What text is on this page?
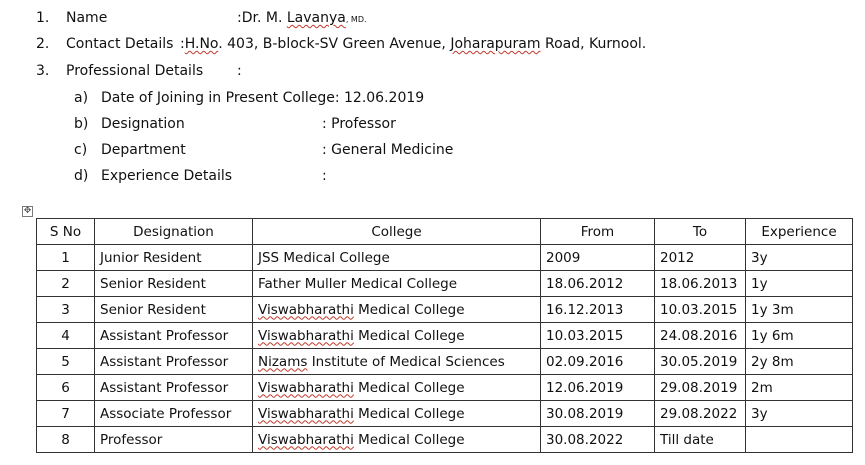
1. Name	:Dr. M. Lavanya, MD.
2. Contact Details :H.No. 403, B-block-SV Green Avenue, Joharapuram Road, Kurnool.
3. Professional Details :
a) Date of Joining in Present College: 12.06.2019
b) Designation	: Professor
c) Department	: General Medicine
d) Experience Details	:
✥
S No	Designation	College	From	To	Experience
1	Junior Resident	JSS Medical College	2009	2012	3y
2	Senior Resident	Father Muller Medical College	18.06.2012	18.06.2013	1y
3	Senior Resident	Viswabharathi Medical College	16.12.2013	10.03.2015	1y 3m
4	Assistant Professor	Viswabharathi Medical College	10.03.2015	24.08.2016	1y 6m
5	Assistant Professor	Nizams Institute of Medical Sciences	02.09.2016	30.05.2019	2y 8m
6	Assistant Professor	Viswabharathi Medical College	12.06.2019	29.08.2019	2m
7	Associate Professor	Viswabharathi Medical College	30.08.2019	29.08.2022	3y
8	Professor	Viswabharathi Medical College	30.08.2022	Till date	
